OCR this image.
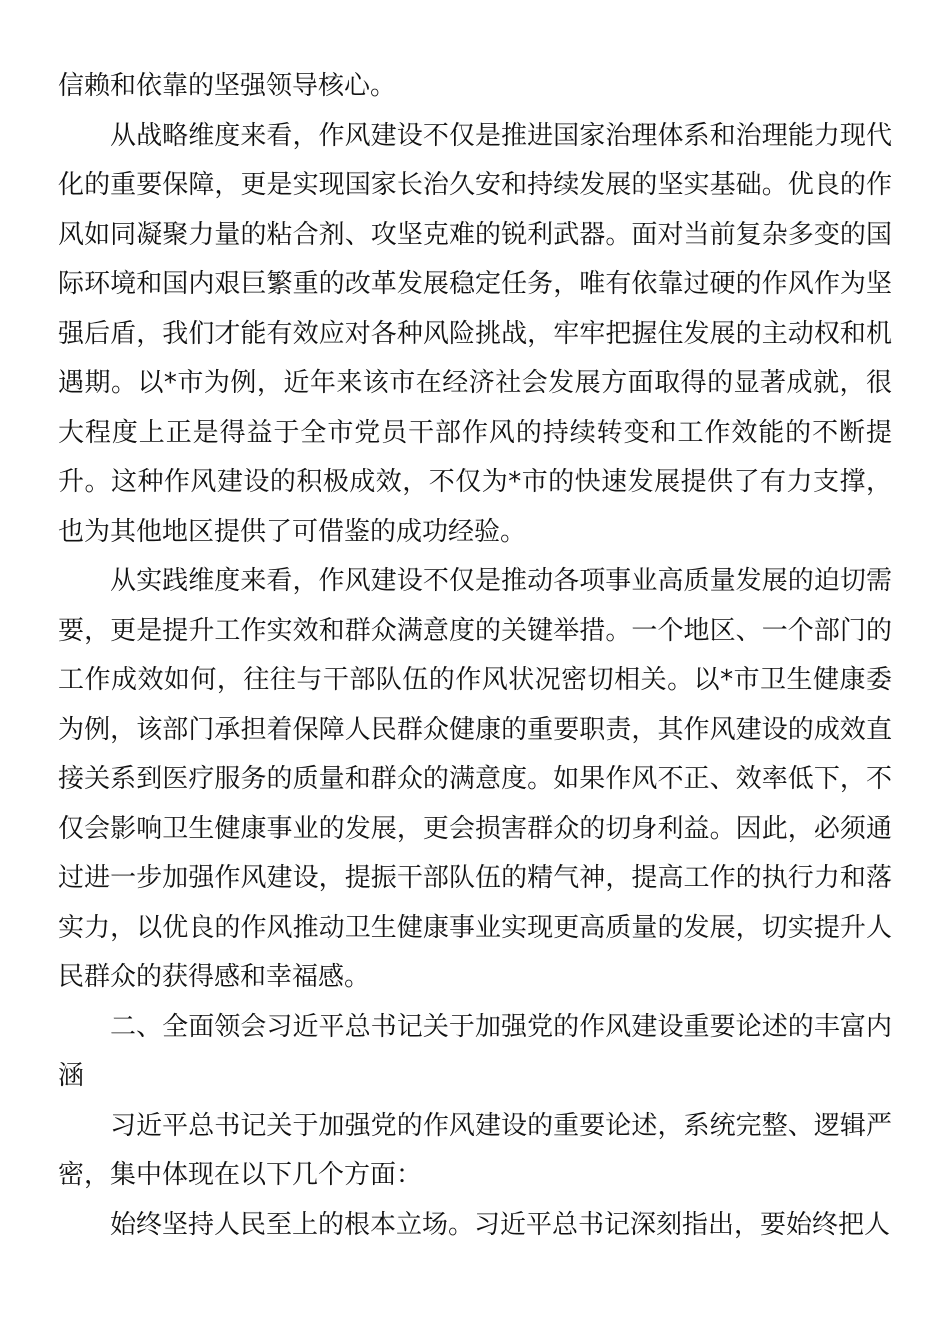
信赖和依靠的坚强领导核心。

从战略维度来看，作风建设不仅是推进国家治理体系和治理能力现代化的重要保障，更是实现国家长治久安和持续发展的坚实基础。优良的作风如同凝聚力量的粘合剂、攻坚克难的锐利武器。面对当前复杂多变的国际环境和国内艰巨繁重的改革发展稳定任务，唯有依靠过硬的作风作为坚强后盾，我们才能有效应对各种风险挑战，牢牢把握住发展的主动权和机遇期。以*市为例，近年来该市在经济社会发展方面取得的显著成就，很大程度上正是得益于全市党员干部作风的持续转变和工作效能的不断提升。这种作风建设的积极成效，不仅为*市的快速发展提供了有力支撑，也为其他地区提供了可借鉴的成功经验。

从实践维度来看，作风建设不仅是推动各项事业高质量发展的迫切需要，更是提升工作实效和群众满意度的关键举措。一个地区、一个部门的工作成效如何，往往与干部队伍的作风状况密切相关。以*市卫生健康委为例，该部门承担着保障人民群众健康的重要职责，其作风建设的成效直接关系到医疗服务的质量和群众的满意度。如果作风不正、效率低下，不仅会影响卫生健康事业的发展，更会损害群众的切身利益。因此，必须通过进一步加强作风建设，提振干部队伍的精气神，提高工作的执行力和落实力，以优良的作风推动卫生健康事业实现更高质量的发展，切实提升人民群众的获得感和幸福感。

二、全面领会习近平总书记关于加强党的作风建设重要论述的丰富内涵

习近平总书记关于加强党的作风建设的重要论述，系统完整、逻辑严密，集中体现在以下几个方面：

始终坚持人民至上的根本立场。习近平总书记深刻指出，要始终把人
